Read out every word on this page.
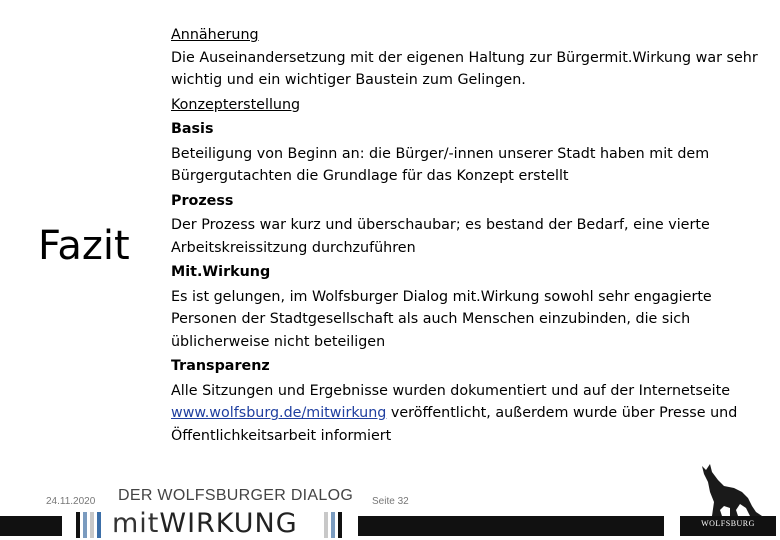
Fazit

Annäherung

Die Auseinandersetzung mit der eigenen Haltung zur Bürgermit.Wirkung war sehr wichtig und ein wichtiger Baustein zum Gelingen.

Konzepterstellung

Basis

Beteiligung von Beginn an: die Bürger/-innen unserer Stadt haben mit dem Bürgergutachten die Grundlage für das Konzept erstellt

Prozess

Der Prozess war kurz und überschaubar; es bestand der Bedarf, eine vierte Arbeitskreissitzung durchzuführen

Mit.Wirkung

Es ist gelungen, im Wolfsburger Dialog mit.Wirkung sowohl sehr engagierte Personen der Stadtgesellschaft als auch Menschen einzubinden, die sich üblicherweise nicht beteiligen

Transparenz

Alle Sitzungen und Ergebnisse wurden dokumentiert und auf der Internetseite www.wolfsburg.de/mitwirkung veröffentlicht, außerdem wurde über Presse und Öffentlichkeitsarbeit informiert

24.11.2020 DER WOLFSBURGER DIALOG Seite 32
mitWIRKUNG	WOLFSBURG
